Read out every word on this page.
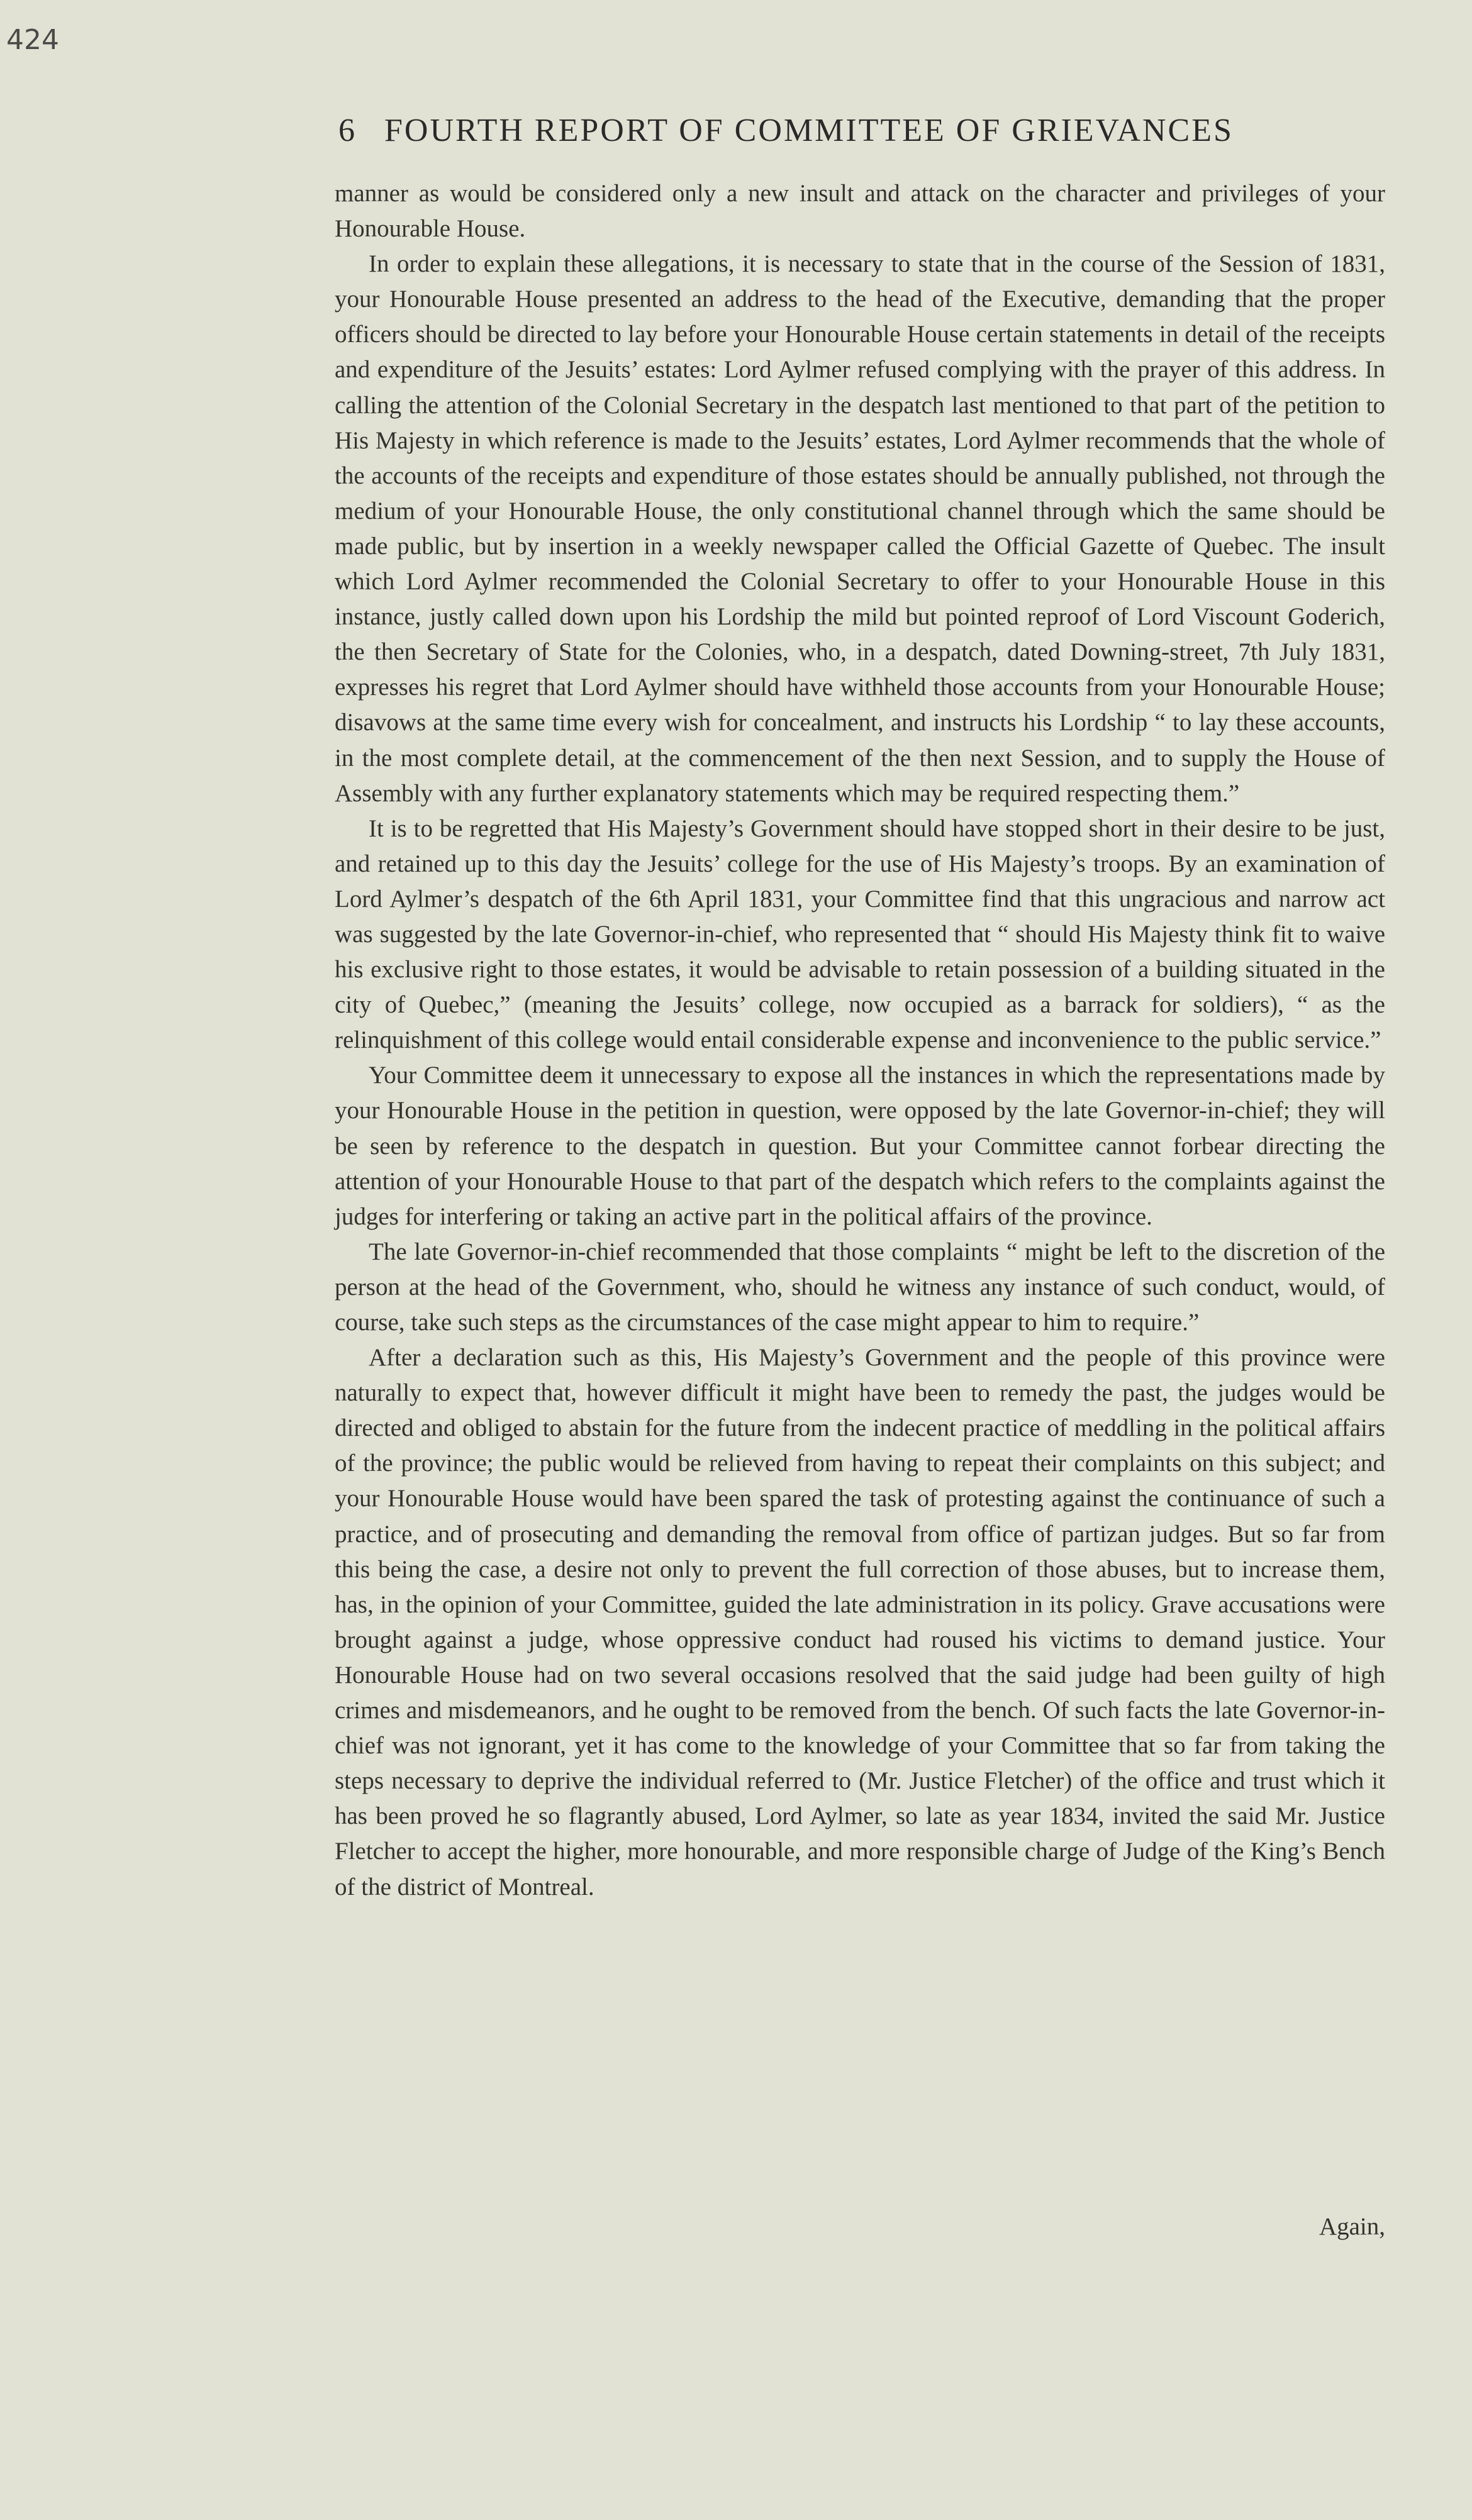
424
6 FOURTH REPORT OF COMMITTEE OF GRIEVANCES

manner as would be considered only a new insult and attack on the character and privileges of your Honourable House.

In order to explain these allegations, it is necessary to state that in the course of the Session of 1831, your Honourable House presented an address to the head of the Executive, demanding that the proper officers should be directed to lay before your Honourable House certain statements in detail of the receipts and expenditure of the Jesuits’ estates: Lord Aylmer refused complying with the prayer of this address. In calling the attention of the Colonial Secretary in the despatch last mentioned to that part of the petition to His Majesty in which reference is made to the Jesuits’ estates, Lord Aylmer recommends that the whole of the accounts of the receipts and expenditure of those estates should be annually published, not through the medium of your Honourable House, the only constitutional channel through which the same should be made public, but by insertion in a weekly newspaper called the Official Gazette of Quebec. The insult which Lord Aylmer recommended the Colonial Secretary to offer to your Honourable House in this instance, justly called down upon his Lordship the mild but pointed reproof of Lord Viscount Goderich, the then Secretary of State for the Colonies, who, in a despatch, dated Downing-street, 7th July 1831, expresses his regret that Lord Aylmer should have withheld those accounts from your Honourable House; disavows at the same time every wish for concealment, and instructs his Lordship “ to lay these accounts, in the most complete detail, at the commencement of the then next Session, and to supply the House of Assembly with any further explanatory statements which may be required respecting them.”

It is to be regretted that His Majesty’s Government should have stopped short in their desire to be just, and retained up to this day the Jesuits’ college for the use of His Majesty’s troops. By an examination of Lord Aylmer’s despatch of the 6th April 1831, your Committee find that this ungracious and narrow act was suggested by the late Governor-in-chief, who represented that “ should His Majesty think fit to waive his exclusive right to those estates, it would be advisable to retain possession of a building situated in the city of Quebec,” (meaning the Jesuits’ college, now occupied as a barrack for soldiers), “ as the relinquishment of this college would entail considerable expense and inconvenience to the public service.”

Your Committee deem it unnecessary to expose all the instances in which the representations made by your Honourable House in the petition in question, were opposed by the late Governor-in-chief; they will be seen by reference to the despatch in question. But your Committee cannot forbear directing the attention of your Honourable House to that part of the despatch which refers to the complaints against the judges for interfering or taking an active part in the political affairs of the province.

The late Governor-in-chief recommended that those complaints “ might be left to the discretion of the person at the head of the Government, who, should he witness any instance of such conduct, would, of course, take such steps as the circumstances of the case might appear to him to require.”

After a declaration such as this, His Majesty’s Government and the people of this province were naturally to expect that, however difficult it might have been to remedy the past, the judges would be directed and obliged to abstain for the future from the indecent practice of meddling in the political affairs of the province; the public would be relieved from having to repeat their complaints on this subject; and your Honourable House would have been spared the task of protesting against the continuance of such a practice, and of prosecuting and demanding the removal from office of partizan judges. But so far from this being the case, a desire not only to prevent the full correction of those abuses, but to increase them, has, in the opinion of your Committee, guided the late administration in its policy. Grave accusations were brought against a judge, whose oppressive conduct had roused his victims to demand justice. Your Honourable House had on two several occasions resolved that the said judge had been guilty of high crimes and misdemeanors, and he ought to be removed from the bench. Of such facts the late Governor-in-chief was not ignorant, yet it has come to the knowledge of your Committee that so far from taking the steps necessary to deprive the individual referred to (Mr. Justice Fletcher) of the office and trust which it has been proved he so flagrantly abused, Lord Aylmer, so late as year 1834, invited the said Mr. Justice Fletcher to accept the higher, more honourable, and more responsible charge of Judge of the King’s Bench of the district of Montreal.

Again,
